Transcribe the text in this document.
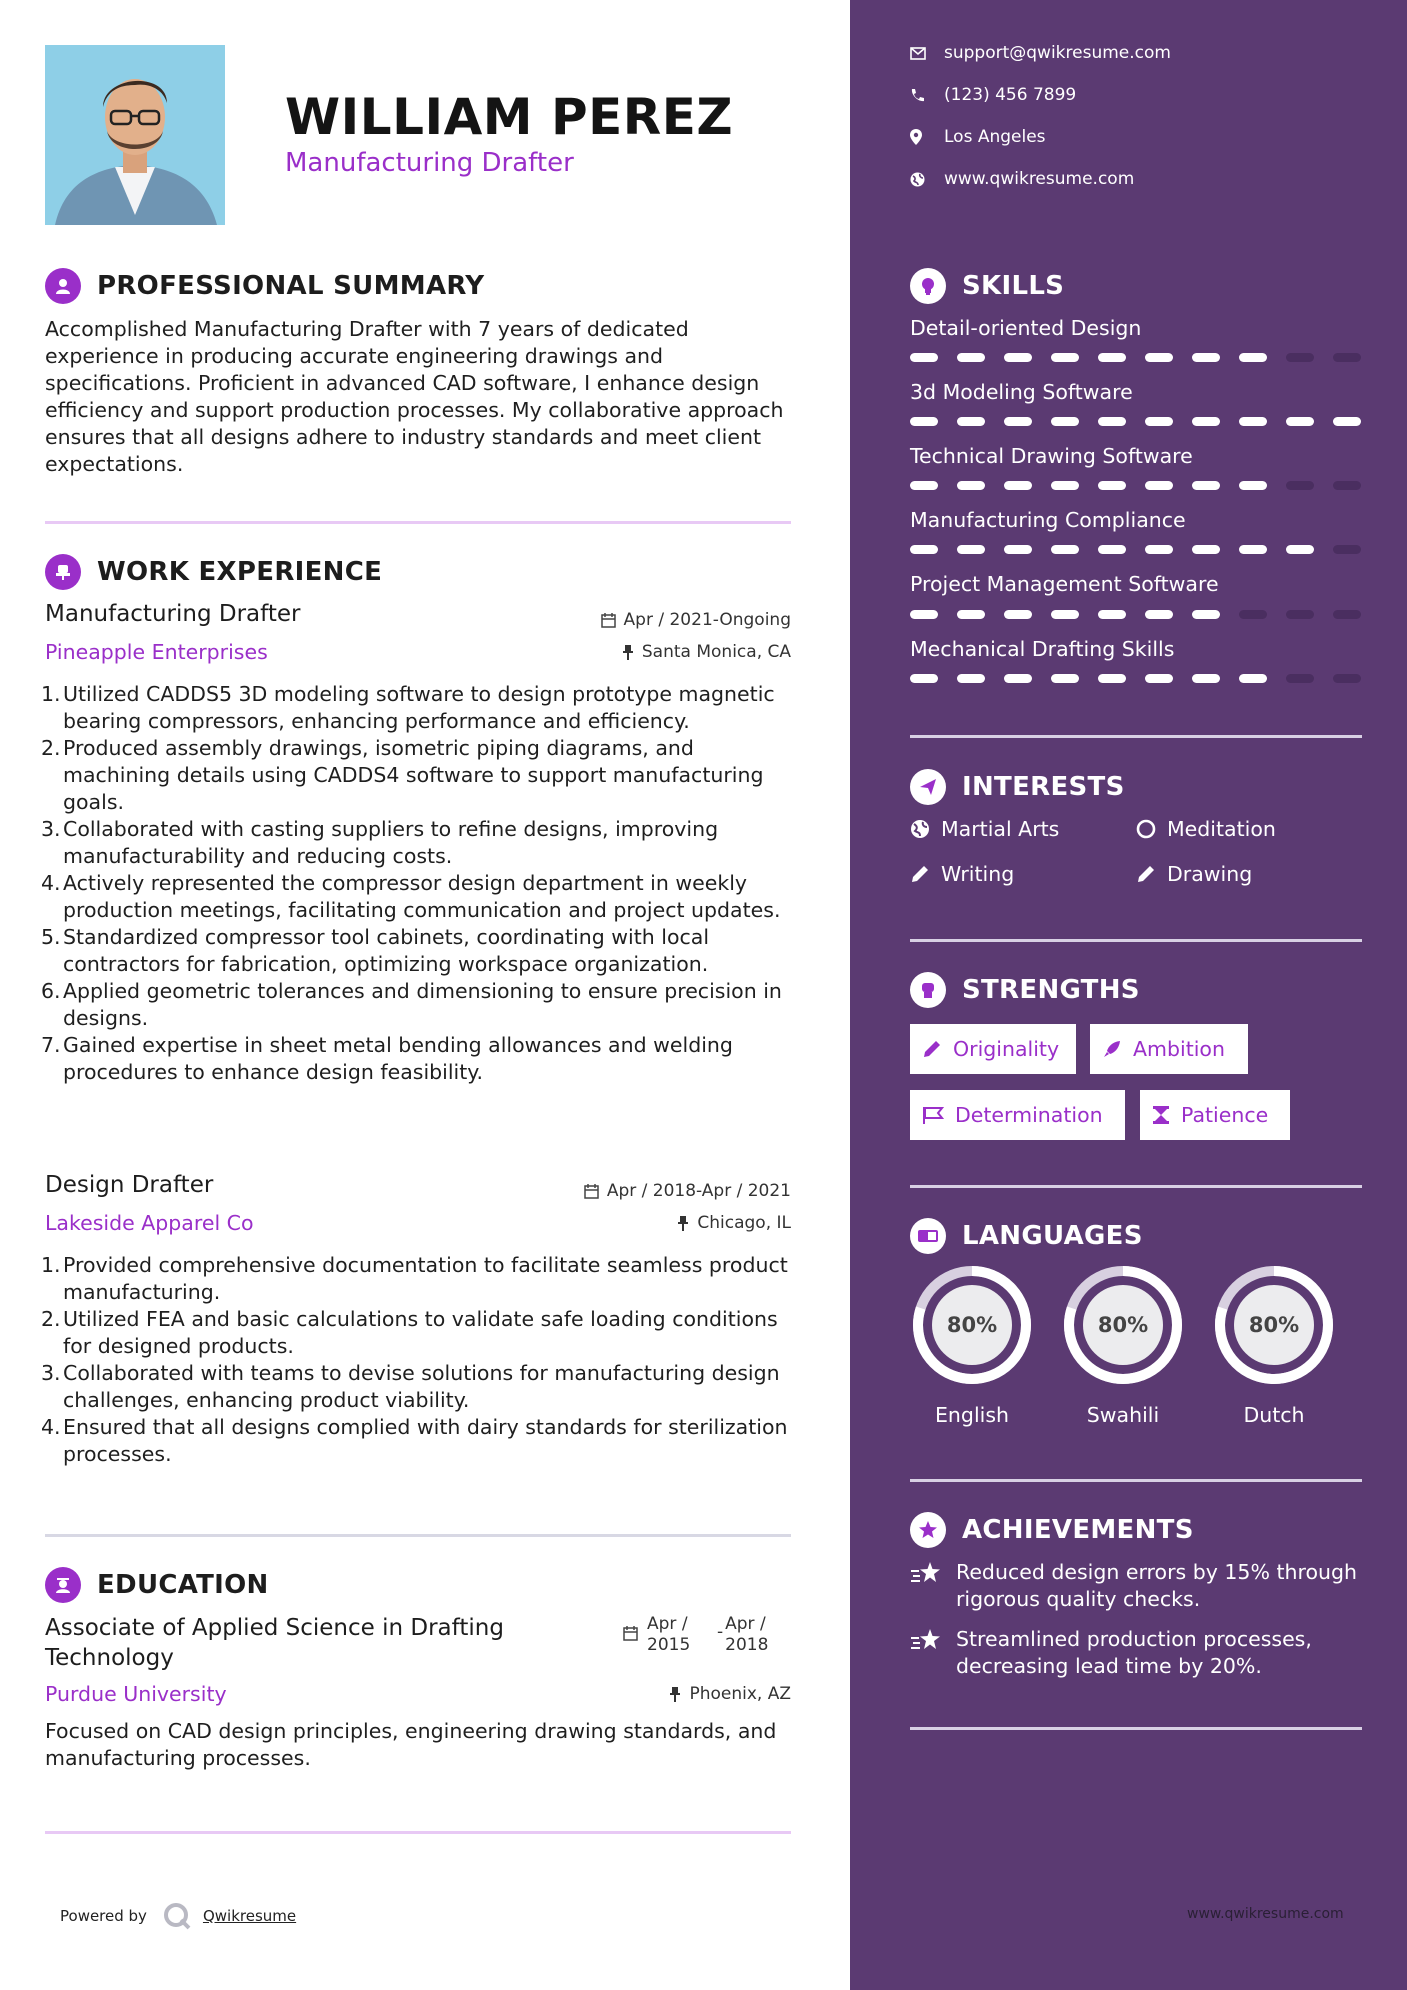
WILLIAM PEREZ
Manufacturing Drafter
PROFESSIONAL SUMMARY
Accomplished Manufacturing Drafter with 7 years of dedicated experience in producing accurate engineering drawings and specifications. Proficient in advanced CAD software, I enhance design efficiency and support production processes. My collaborative approach ensures that all designs adhere to industry standards and meet client expectations.
WORK EXPERIENCE
Manufacturing Drafter	Apr / 2021-Ongoing
Pineapple Enterprises	Santa Monica, CA
1. Utilized CADDS5 3D modeling software to design prototype magnetic bearing compressors, enhancing performance and efficiency.
2. Produced assembly drawings, isometric piping diagrams, and machining details using CADDS4 software to support manufacturing goals.
3. Collaborated with casting suppliers to refine designs, improving manufacturability and reducing costs.
4. Actively represented the compressor design department in weekly production meetings, facilitating communication and project updates.
5. Standardized compressor tool cabinets, coordinating with local contractors for fabrication, optimizing workspace organization.
6. Applied geometric tolerances and dimensioning to ensure precision in designs.
7. Gained expertise in sheet metal bending allowances and welding procedures to enhance design feasibility.
Design Drafter	Apr / 2018-Apr / 2021
Lakeside Apparel Co	Chicago, IL
1. Provided comprehensive documentation to facilitate seamless product manufacturing.
2. Utilized FEA and basic calculations to validate safe loading conditions for designed products.
3. Collaborated with teams to devise solutions for manufacturing design challenges, enhancing product viability.
4. Ensured that all designs complied with dairy standards for sterilization processes.
EDUCATION
Associate of Applied Science in Drafting Technology
Apr /
2015
- Apr /
2018
Purdue University	Phoenix, AZ
Focused on CAD design principles, engineering drawing standards, and manufacturing processes.
Powered by	Qwikresume
support@qwikresume.com
(123) 456 7899
Los Angeles
www.qwikresume.com
SKILLS
Detail-oriented Design
3d Modeling Software
Technical Drawing Software
Manufacturing Compliance
Project Management Software
Mechanical Drafting Skills
INTERESTS
Martial Arts	Meditation
Writing	Drawing
STRENGTHS
Originality	Ambition
Determination	Patience
LANGUAGES
80%
English
80%
Swahili
80%
Dutch
ACHIEVEMENTS
Reduced design errors by 15% through rigorous quality checks.
Streamlined production processes, decreasing lead time by 20%.
www.qwikresume.com
